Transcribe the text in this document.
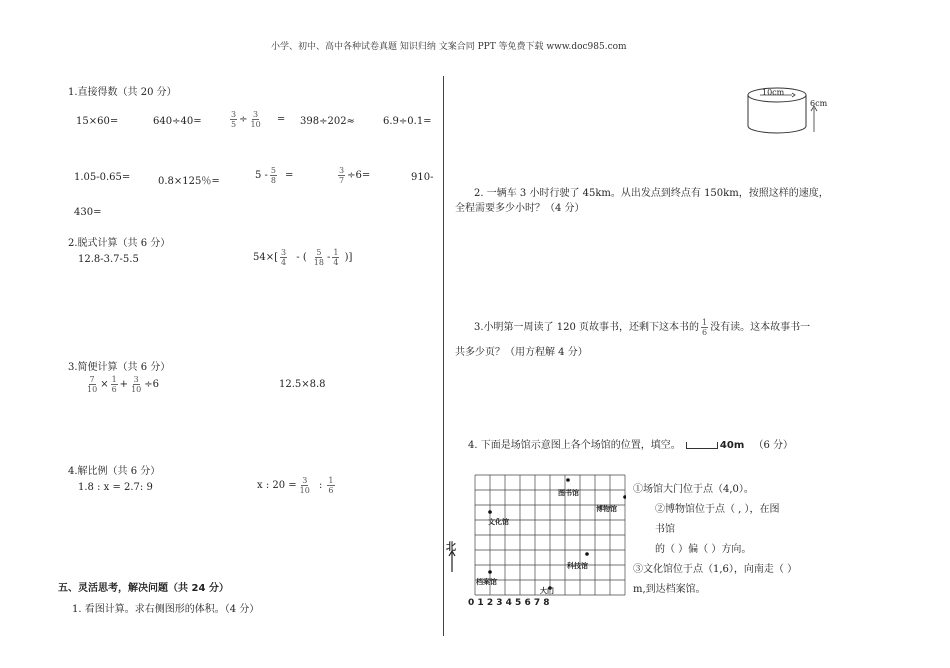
小学、初中、高中各种试卷真题 知识归纳 文案合同 PPT 等免费下载 www.doc985.com
1.直接得数（共 20 分）
15×60=	640÷40=	$\frac{3}{5} \div \frac{3}{10} = 398\div 202\approx$	6.9÷0.1=
1.05-0.65=	0.8×125％=
$5 - \frac{5}{8}$ =	$\frac{3}{7} \div 6=$	910-
430=
2.脱式计算（共 6 分）
12.8-3.7-5.5	$54\times[ \frac{3}{4}$ - ( $\frac{5}{18} - \frac{1}{4}$ )]
3.简便计算（共 6 分）
$\frac{7}{10} \times \frac{1}{6} + \frac{3}{10} \div 6$	12.5×8.8
4.解比例（共 6 分）
1.8 : x = 2.7: 9	x : $20 = \frac{3}{10}$ : $\frac{1}{6}$
五、灵活思考，解决问题（共 24 分）
1. 看图计算。求右侧图形的体积。（4 分）
10cm
6cm
2. 一辆车 3 小时行驶了 45km。从出发点到终点有 150km，按照这样的速度，
全程需要多少小时？（4 分）
3.小明第一周读了 120 页故事书，还剩下这本书的 $\frac{1}{6}$ 没有读。这本故事书一
共多少页？（用方程解 4 分）
4. 下面是场馆示意图上各个场馆的位置，填空。	40m （6 分）
北
图书馆
博物馆
文化馆
科技馆
档案馆
大门
0 1 2 3 4 5 6 7 8
①场馆大门位于点（4,0）。
②博物馆位于点（ , ），在图
书馆
的（ ）偏（ ）方向。
③文化馆位于点（1,6），向南走（ ）
m,到达档案馆。
